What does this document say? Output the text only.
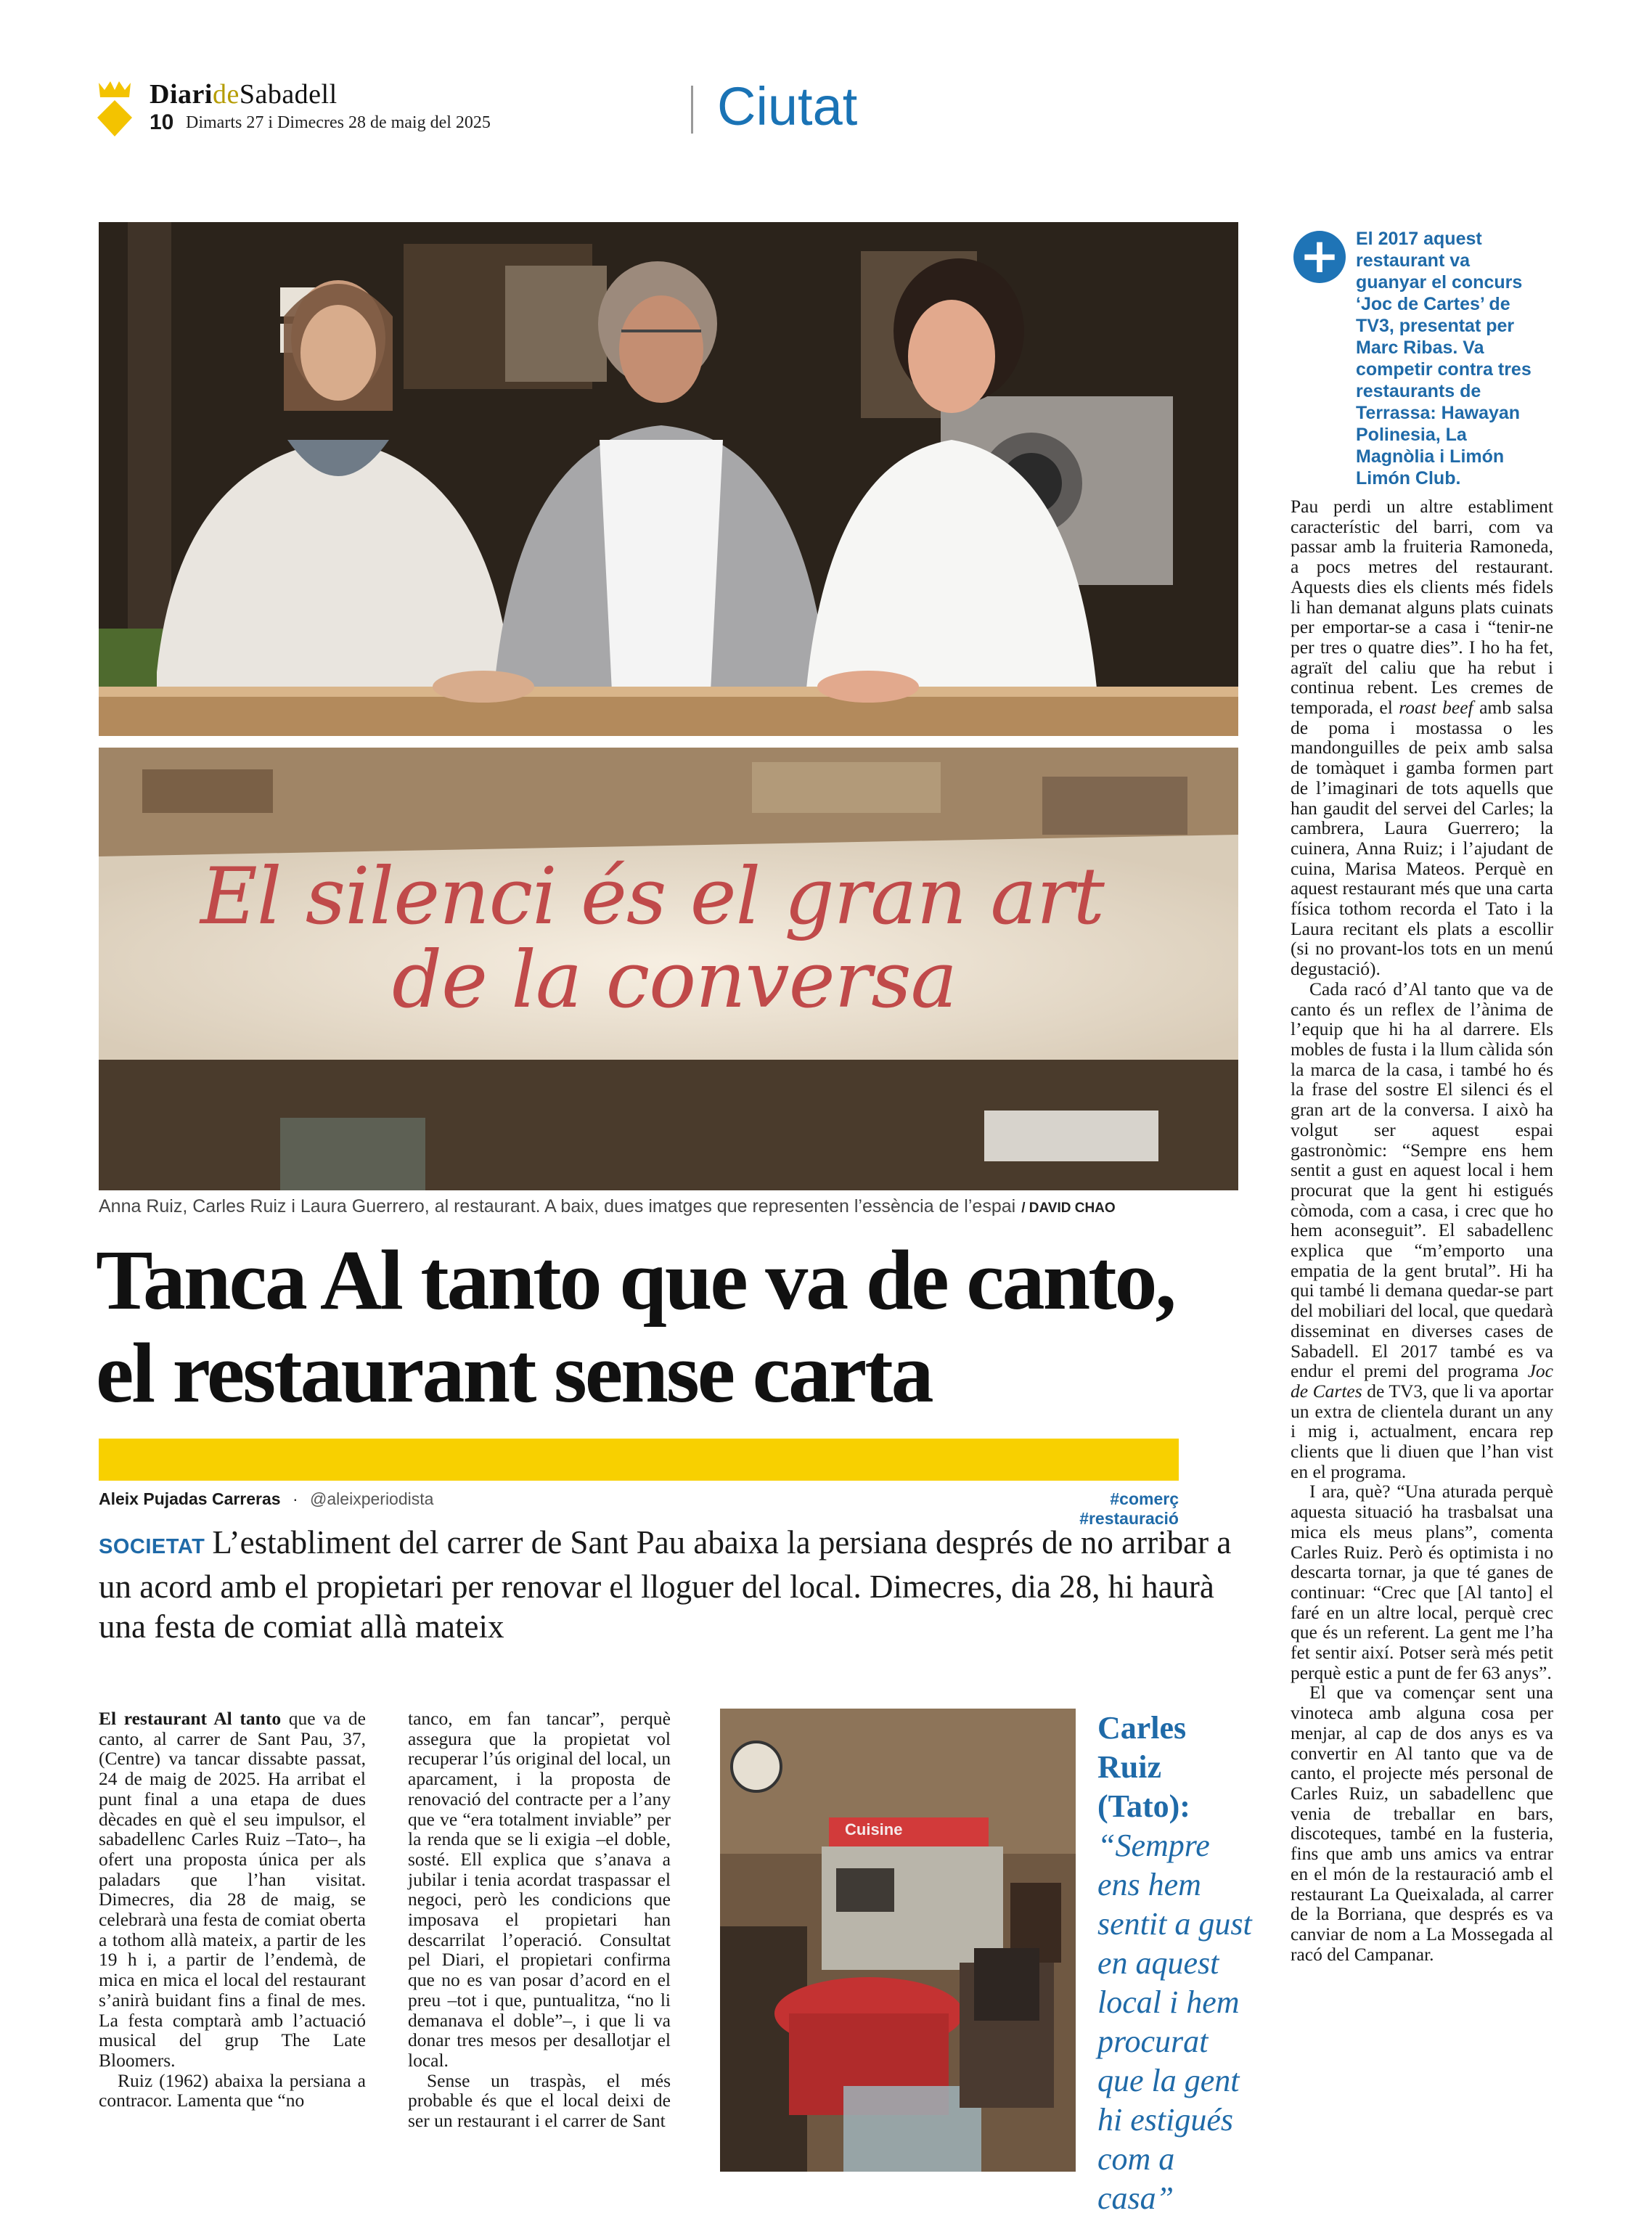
DiarideSabadell
10 Dimarts 27 i Dimecres 28 de maig del 2025	Ciutat
El silenci és el gran art
de la conversa
Anna Ruiz, Carles Ruiz i Laura Guerrero, al restaurant. A baix, dues imatges que representen l’essència de l’espai / DAVID CHAO
+ El 2017 aquest restaurant va guanyar el concurs ‘Joc de Cartes’ de TV3, presentat per Marc Ribas. Va competir contra tres restaurants de Terrassa: Hawayan Polinesia, La Magnòlia i Limón Limón Club.
Tanca Al tanto que va de canto, el restaurant sense carta
Aleix Pujadas Carreras · @aleixperiodista	#comerç #restauració
SOCIETAT L’establiment del carrer de Sant Pau abaixa la persiana després de no arribar a un acord amb el propietari per renovar el lloguer del local. Dimecres, dia 28, hi haurà una festa de comiat allà mateix

El restaurant Al tanto que va de canto, al carrer de Sant Pau, 37, (Centre) va tancar dissabte passat, 24 de maig de 2025. Ha arribat el punt final a una etapa de dues dècades en què el seu impulsor, el sabadellenc Carles Ruiz –Tato–, ha ofert una proposta única per als paladars que l’han visitat. Dimecres, dia 28 de maig, se celebrarà una festa de comiat oberta a tothom allà mateix, a partir de les 19 h i, a partir de l’endemà, de mica en mica el local del restaurant s’anirà buidant fins a final de mes. La festa comptarà amb l’actuació musical del grup The Late Bloomers.

Ruiz (1962) abaixa la persiana a contracor. Lamenta que “no

tanco, em fan tancar”, perquè assegura que la propietat vol recuperar l’ús original del local, un aparcament, i la proposta de renovació del contracte per a l’any que ve “era totalment inviable” per la renda que se li exigia –el doble, sosté. Ell explica que s’anava a jubilar i tenia acordat traspassar el negoci, però les condicions que imposava el propietari han descarrilat l’operació. Consultat pel Diari, el propietari confirma que no es van posar d’acord en el preu –tot i que, puntualitza, “no li demanava el doble”–, i que li va donar tres mesos per desallotjar el local.

Sense un traspàs, el més probable és que el local deixi de ser un restaurant i el carrer de Sant

Cuisine
Carles Ruiz (Tato):
“Sempre ens hem sentit a gust en aquest local i hem procurat que la gent hi estigués com a casa”

Pau perdi un altre establiment característic del barri, com va passar amb la fruiteria Ramoneda, a pocs metres del restaurant. Aquests dies els clients més fidels li han demanat alguns plats cuinats per emportar-se a casa i “tenir-ne per tres o quatre dies”. I ho ha fet, agraït del caliu que ha rebut i continua rebent. Les cremes de temporada, el roast beef amb salsa de poma i mostassa o les mandonguilles de peix amb salsa de tomàquet i gamba formen part de l’imaginari de tots aquells que han gaudit del servei del Carles; la cambrera, Laura Guerrero; la cuinera, Anna Ruiz; i l’ajudant de cuina, Marisa Mateos. Perquè en aquest restaurant més que una carta física tothom recorda el Tato i la Laura recitant els plats a escollir (si no provant-los tots en un menú degustació).

Cada racó d’Al tanto que va de canto és un reflex de l’ànima de l’equip que hi ha al darrere. Els mobles de fusta i la llum càlida són la marca de la casa, i també ho és la frase del sostre El silenci és el gran art de la conversa. I això ha volgut ser aquest espai gastronòmic: “Sempre ens hem sentit a gust en aquest local i hem procurat que la gent hi estigués còmoda, com a casa, i crec que ho hem aconseguit”. El sabadellenc explica que “m’emporto una empatia de la gent brutal”. Hi ha qui també li demana quedar-se part del mobiliari del local, que quedarà disseminat en diverses cases de Sabadell. El 2017 també es va endur el premi del programa Joc de Cartes de TV3, que li va aportar un extra de clientela durant un any i mig i, actualment, encara rep clients que li diuen que l’han vist en el programa.

I ara, què? “Una aturada perquè aquesta situació ha trasbalsat una mica els meus plans”, comenta Carles Ruiz. Però és optimista i no descarta tornar, ja que té ganes de continuar: “Crec que [Al tanto] el faré en un altre local, perquè crec que és un referent. La gent me l’ha fet sentir així. Potser serà més petit perquè estic a punt de fer 63 anys”.

El que va començar sent una vinoteca amb alguna cosa per menjar, al cap de dos anys es va convertir en Al tanto que va de canto, el projecte més personal de Carles Ruiz, un sabadellenc que venia de treballar en bars, discoteques, també en la fusteria, fins que amb uns amics va entrar en el món de la restauració amb el restaurant La Queixalada, al carrer de la Borriana, que després es va canviar de nom a La Mossegada al racó del Campanar.
